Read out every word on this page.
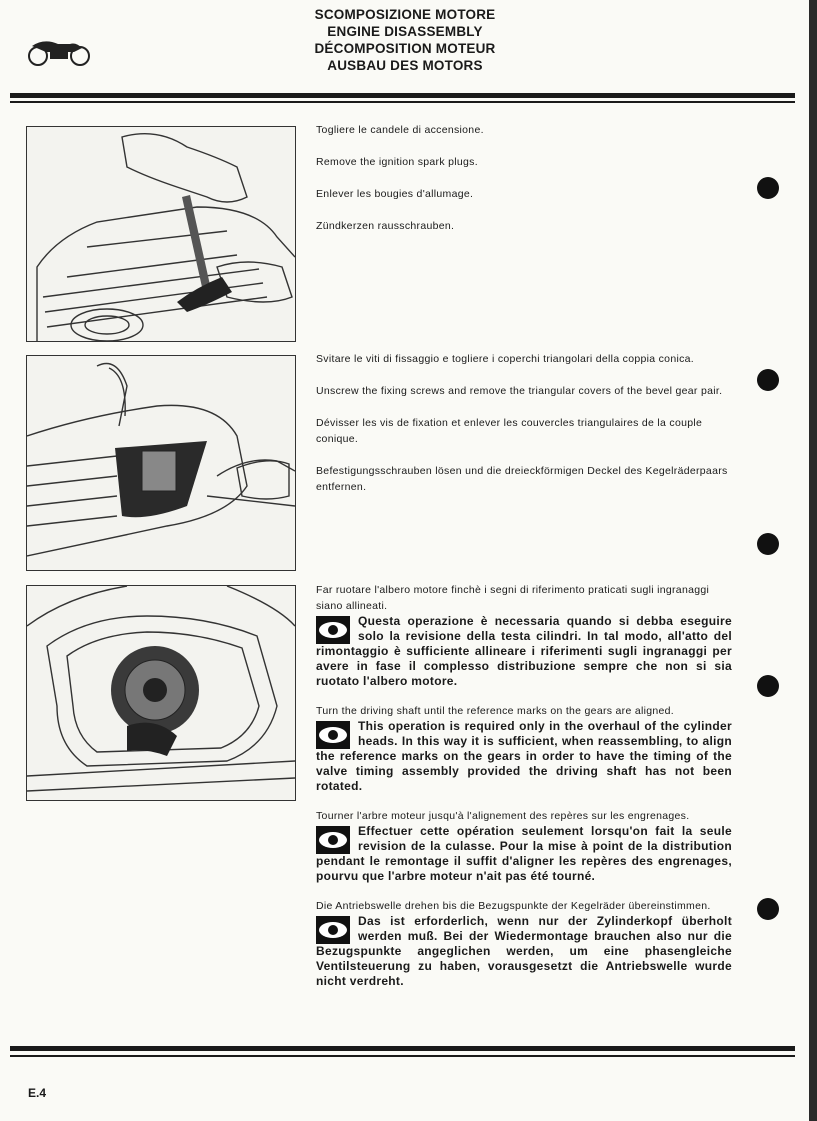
SCOMPOSIZIONE MOTORE
ENGINE DISASSEMBLY
DÉCOMPOSITION MOTEUR
AUSBAU DES MOTORS

Togliere le candele di accensione.

Remove the ignition spark plugs.

Enlever les bougies d'allumage.

Zündkerzen rausschrauben.

Svitare le viti di fissaggio e togliere i coperchi triangolari della coppia conica.

Unscrew the fixing screws and remove the triangular covers of the bevel gear pair.

Dévisser les vis de fixation et enlever les couvercles triangulaires de la couple conique.

Befestigungsschrauben lösen und die dreieckförmigen Deckel des Kegelräderpaars entfernen.

Far ruotare l'albero motore finchè i segni di riferimento praticati sugli ingranaggi siano allineati.
Questa operazione è necessaria quando si debba eseguire solo la revisione della testa cilindri. In tal modo, all'atto del rimontaggio è sufficiente allineare i riferimenti sugli ingranaggi per avere in fase il complesso distribuzione sempre che non si sia ruotato l'albero motore.
Turn the driving shaft until the reference marks on the gears are aligned.
This operation is required only in the overhaul of the cylinder heads. In this way it is sufficient, when reassembling, to align the reference marks on the gears in order to have the timing of the valve timing assembly provided the driving shaft has not been rotated.
Tourner l'arbre moteur jusqu'à l'alignement des repères sur les engrenages.
Effectuer cette opération seulement lorsqu'on fait la seule revision de la culasse. Pour la mise à point de la distribution pendant le remontage il suffit d'aligner les repères des engrenages, pourvu que l'arbre moteur n'ait pas été tourné.
Die Antriebswelle drehen bis die Bezugspunkte der Kegelräder übereinstimmen.
Das ist erforderlich, wenn nur der Zylinderkopf überholt werden muß. Bei der Wiedermontage brauchen also nur die Bezugspunkte angeglichen werden, um eine phasengleiche Ventilsteuerung zu haben, vorausgesetzt die Antriebswelle wurde nicht verdreht.
E.4
